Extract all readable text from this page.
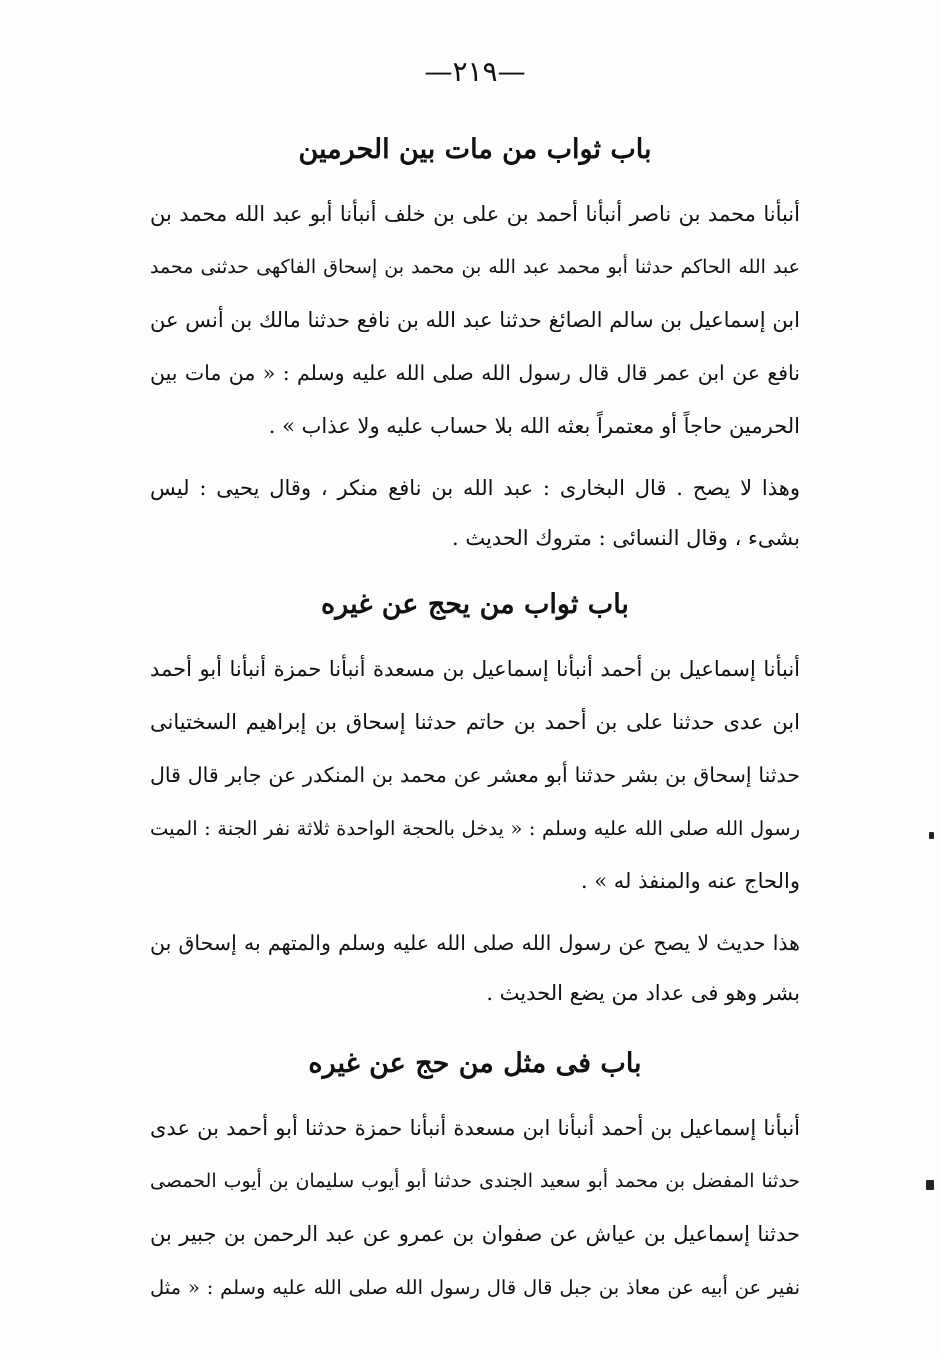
—٢١٩—
باب ثواب من مات بين الحرمين

أنبأنا محمد بن ناصر أنبأنا أحمد بن على بن خلف أنبأنا أبو عبد الله محمد بن
عبد الله الحاكم حدثنا أبو محمد عبد الله بن محمد بن إسحاق الفاكهى حدثنى محمد
ابن إسماعيل بن سالم الصائغ حدثنا عبد الله بن نافع حدثنا مالك بن أنس عن
نافع عن ابن عمر قال قال رسول الله صلى الله عليه وسلم : « من مات بين
الحرمين حاجاً أو معتمراً بعثه الله بلا حساب عليه ولا عذاب » .

وهذا لا يصح . قال البخارى : عبد الله بن نافع منكر ، وقال يحيى : ليس
بشىء ، وقال النسائى : متروك الحديث .

باب ثواب من يحج عن غيره

أنبأنا إسماعيل بن أحمد أنبأنا إسماعيل بن مسعدة أنبأنا حمزة أنبأنا أبو أحمد
ابن عدى حدثنا على بن أحمد بن حاتم حدثنا إسحاق بن إبراهيم السختيانى
حدثنا إسحاق بن بشر حدثنا أبو معشر عن محمد بن المنكدر عن جابر قال قال
رسول الله صلى الله عليه وسلم : « يدخل بالحجة الواحدة ثلاثة نفر الجنة : الميت
والحاج عنه والمنفذ له » .

هذا حديث لا يصح عن رسول الله صلى الله عليه وسلم والمتهم به إسحاق بن
بشر وهو فى عداد من يضع الحديث .

باب فى مثل من حج عن غيره

أنبأنا إسماعيل بن أحمد أنبأنا ابن مسعدة أنبأنا حمزة حدثنا أبو أحمد بن عدى
حدثنا المفضل بن محمد أبو سعيد الجندى حدثنا أبو أيوب سليمان بن أيوب الحمصى
حدثنا إسماعيل بن عياش عن صفوان بن عمرو عن عبد الرحمن بن جبير بن
نفير عن أبيه عن معاذ بن جبل قال قال رسول الله صلى الله عليه وسلم : « مثل
